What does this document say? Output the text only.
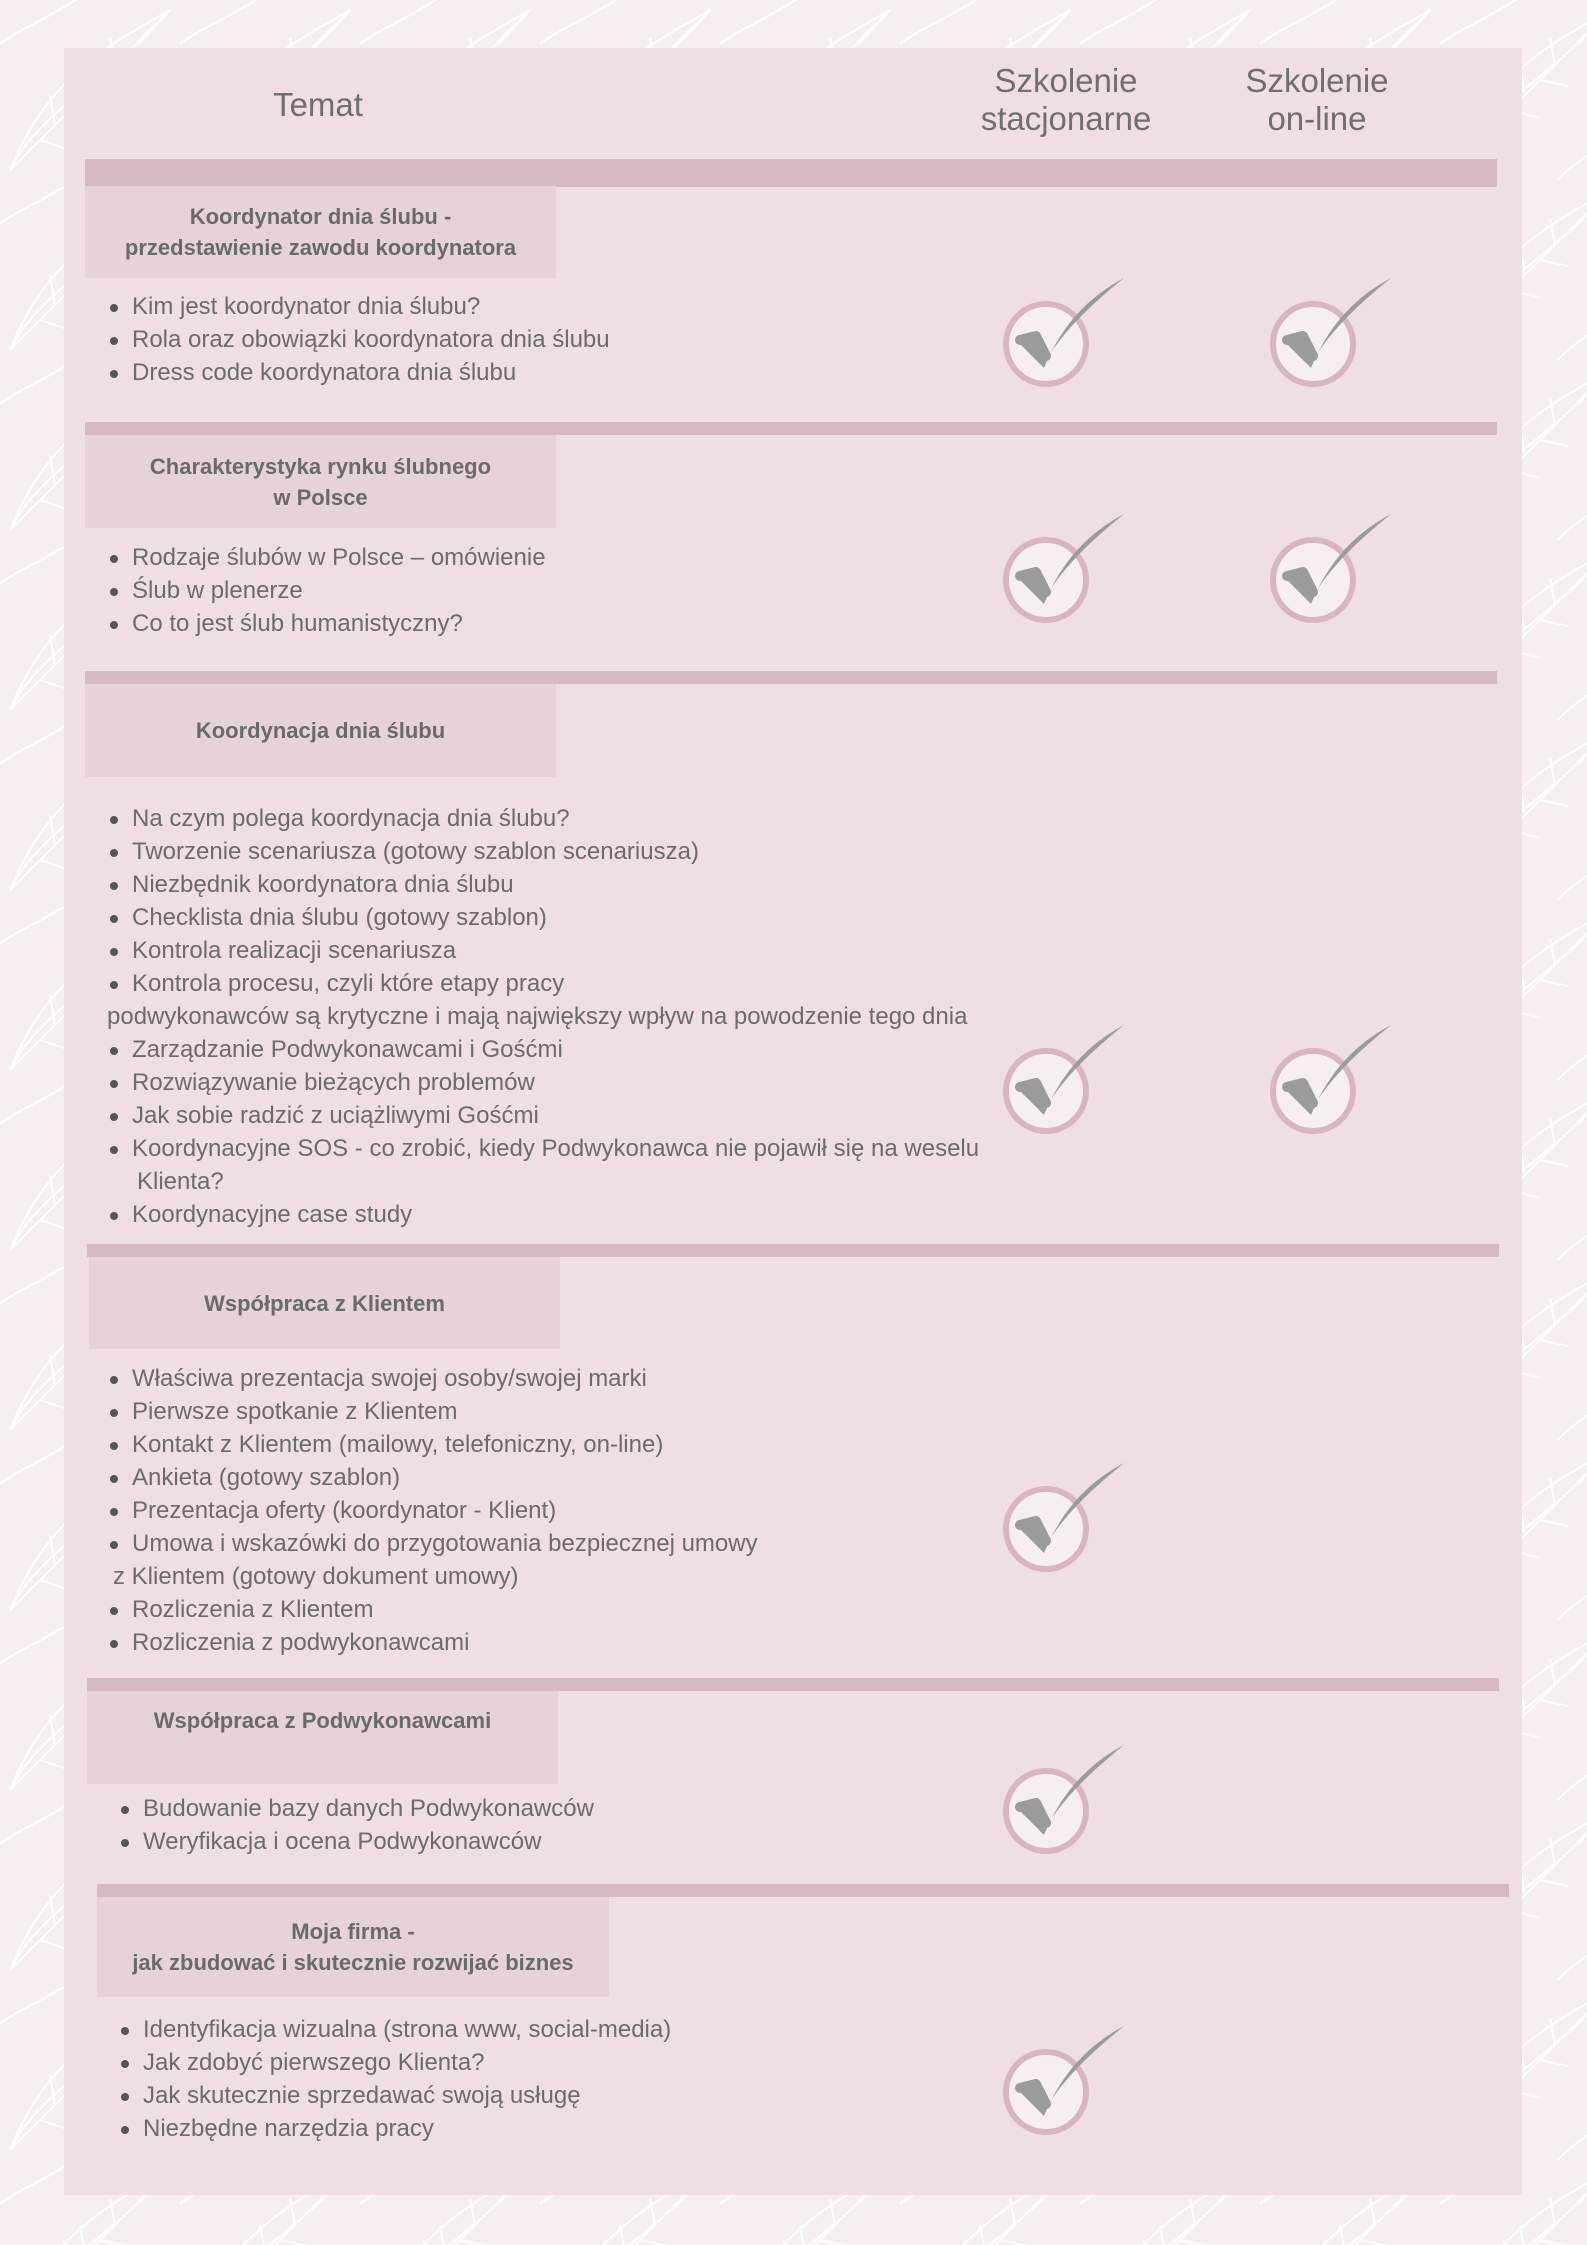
Temat
Szkolenie
stacjonarne
Szkolenie
on-line
Koordynator dnia ślubu -
przedstawienie zawodu koordynatora
Kim jest koordynator dnia ślubu?
Rola oraz obowiązki koordynatora dnia ślubu
Dress code koordynatora dnia ślubu
Charakterystyka rynku ślubnego
w Polsce
Rodzaje ślubów w Polsce – omówienie
Ślub w plenerze
Co to jest ślub humanistyczny?
Koordynacja dnia ślubu
Na czym polega koordynacja dnia ślubu?
Tworzenie scenariusza (gotowy szablon scenariusza)
Niezbędnik koordynatora dnia ślubu
Checklista dnia ślubu (gotowy szablon)
Kontrola realizacji scenariusza
Kontrola procesu, czyli które etapy pracy
podwykonawców są krytyczne i mają największy wpływ na powodzenie tego dnia
Zarządzanie Podwykonawcami i Gośćmi
Rozwiązywanie bieżących problemów
Jak sobie radzić z uciążliwymi Gośćmi
Koordynacyjne SOS - co zrobić, kiedy Podwykonawca nie pojawił się na weselu
Klienta?
Koordynacyjne case study
Współpraca z Klientem
Właściwa prezentacja swojej osoby/swojej marki
Pierwsze spotkanie z Klientem
Kontakt z Klientem (mailowy, telefoniczny, on-line)
Ankieta (gotowy szablon)
Prezentacja oferty (koordynator - Klient)
Umowa i wskazówki do przygotowania bezpiecznej umowy
z Klientem (gotowy dokument umowy)
Rozliczenia z Klientem
Rozliczenia z podwykonawcami
Współpraca z Podwykonawcami
Budowanie bazy danych Podwykonawców
Weryfikacja i ocena Podwykonawców
Moja firma -
jak zbudować i skutecznie rozwijać biznes
Identyfikacja wizualna (strona www, social-media)
Jak zdobyć pierwszego Klienta?
Jak skutecznie sprzedawać swoją usługę
Niezbędne narzędzia pracy
